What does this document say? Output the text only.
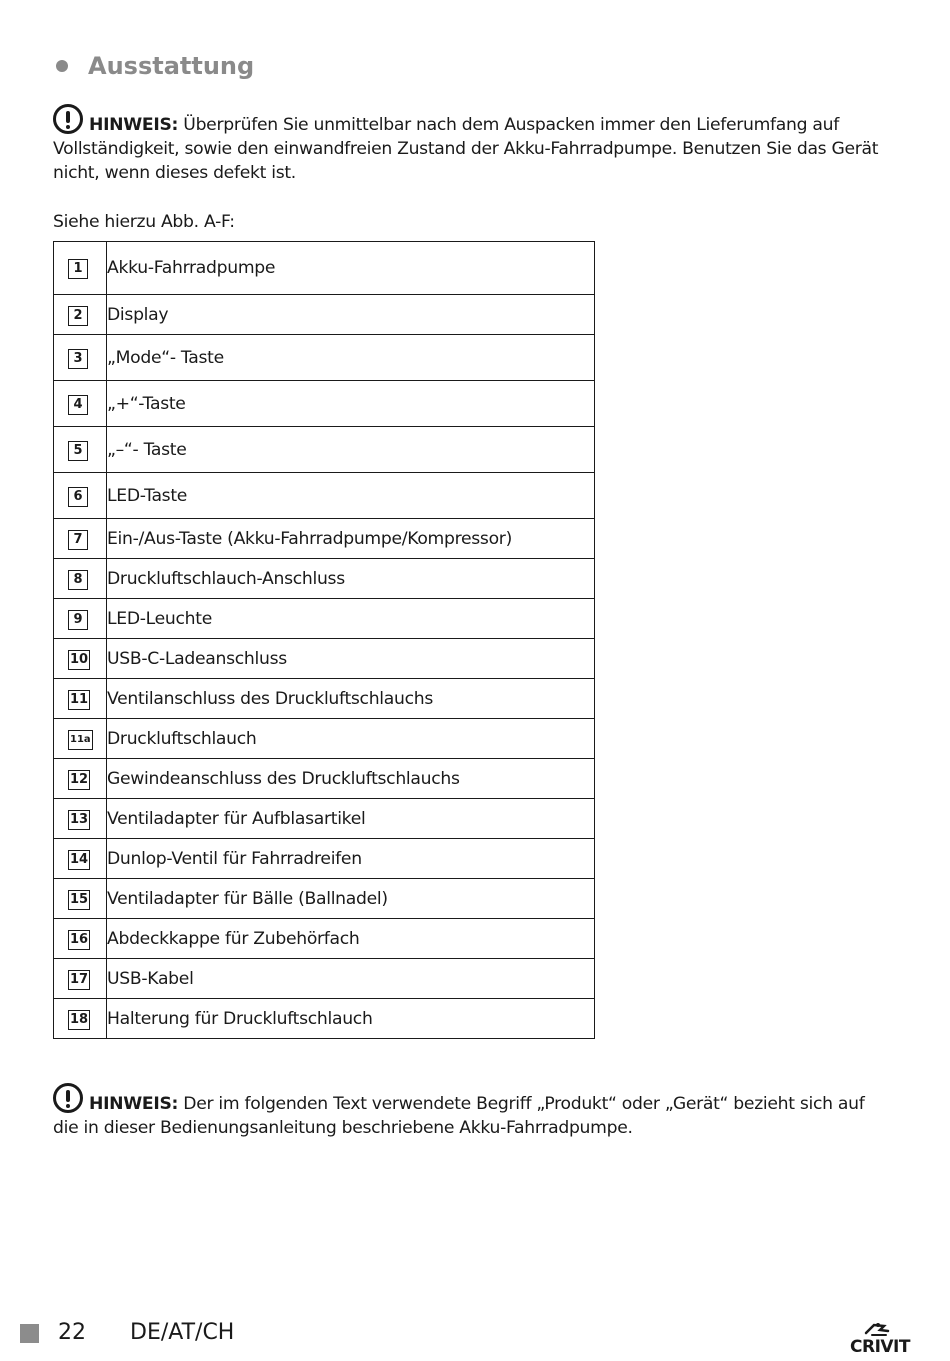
Ausstattung
HINWEIS: Überprüfen Sie unmittelbar nach dem Auspacken immer den Lieferumfang auf Vollständigkeit, sowie den einwandfreien Zustand der Akku-Fahrradpumpe. Benutzen Sie das Gerät nicht, wenn dieses defekt ist.
Siehe hierzu Abb. A-F:
1	Akku-Fahrradpumpe
2	Display
3	„Mode“- Taste
4	„+“-Taste
5	„–“- Taste
6	LED-Taste
7	Ein-/Aus-Taste (Akku-Fahrradpumpe/Kompressor)
8	Druckluftschlauch-Anschluss
9	LED-Leuchte
10	USB-C-Ladeanschluss
11	Ventilanschluss des Druckluftschlauchs
11a	Druckluftschlauch
12	Gewindeanschluss des Druckluftschlauchs
13	Ventiladapter für Aufblasartikel
14	Dunlop-Ventil für Fahrradreifen
15	Ventiladapter für Bälle (Ballnadel)
16	Abdeckkappe für Zubehörfach
17	USB-Kabel
18	Halterung für Druckluftschlauch
HINWEIS: Der im folgenden Text verwendete Begriff „Produkt“ oder „Gerät“ bezieht sich auf die in dieser Bedienungsanleitung beschriebene Akku-Fahrradpumpe.
22 DE/AT/CH
CRIVIT
